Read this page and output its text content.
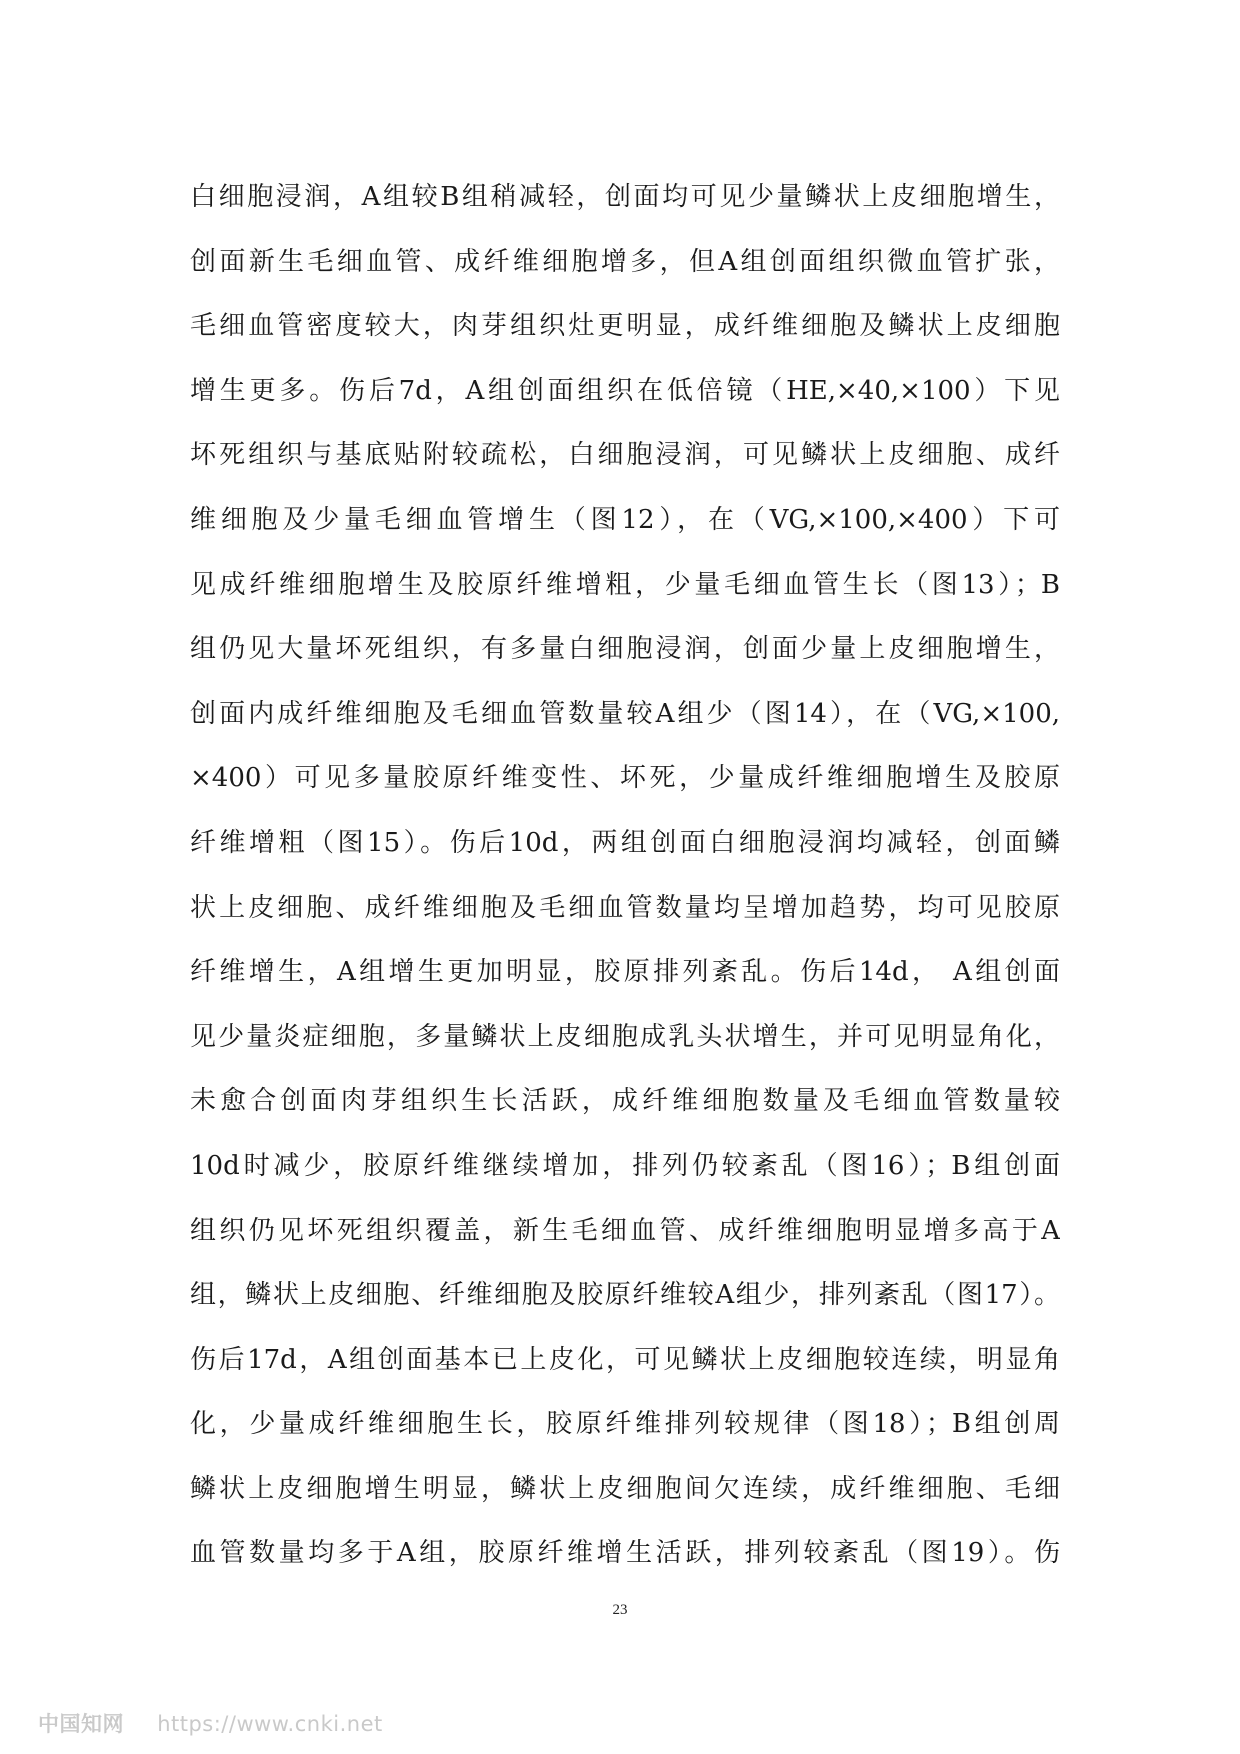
白细胞浸润，A组较B组稍减轻，创面均可见少量鳞状上皮细胞增生，
创面新生毛细血管、成纤维细胞增多，但A组创面组织微血管扩张，
毛细血管密度较大，肉芽组织灶更明显，成纤维细胞及鳞状上皮细胞
增生更多。伤后7d，A组创面组织在低倍镜（HE,×40,×100）下见
坏死组织与基底贴附较疏松，白细胞浸润，可见鳞状上皮细胞、成纤
维细胞及少量毛细血管增生（图12），在（VG,×100,×400）下可
见成纤维细胞增生及胶原纤维增粗，少量毛细血管生长（图13）；B
组仍见大量坏死组织，有多量白细胞浸润，创面少量上皮细胞增生，
创面内成纤维细胞及毛细血管数量较A组少（图14），在（VG,×100,
×400）可见多量胶原纤维变性、坏死，少量成纤维细胞增生及胶原
纤维增粗（图15）。伤后10d，两组创面白细胞浸润均减轻，创面鳞
状上皮细胞、成纤维细胞及毛细血管数量均呈增加趋势，均可见胶原
纤维增生，A组增生更加明显，胶原排列紊乱。伤后14d， A组创面
见少量炎症细胞，多量鳞状上皮细胞成乳头状增生，并可见明显角化，
未愈合创面肉芽组织生长活跃，成纤维细胞数量及毛细血管数量较
10d时减少，胶原纤维继续增加，排列仍较紊乱（图16）；B组创面
组织仍见坏死组织覆盖，新生毛细血管、成纤维细胞明显增多高于A
组，鳞状上皮细胞、纤维细胞及胶原纤维较A组少，排列紊乱（图17）。
伤后17d，A组创面基本已上皮化，可见鳞状上皮细胞较连续，明显角
化，少量成纤维细胞生长，胶原纤维排列较规律（图18）；B组创周
鳞状上皮细胞增生明显，鳞状上皮细胞间欠连续，成纤维细胞、毛细
血管数量均多于A组，胶原纤维增生活跃，排列较紊乱（图19）。伤
23
中国知网 https://www.cnki.net
